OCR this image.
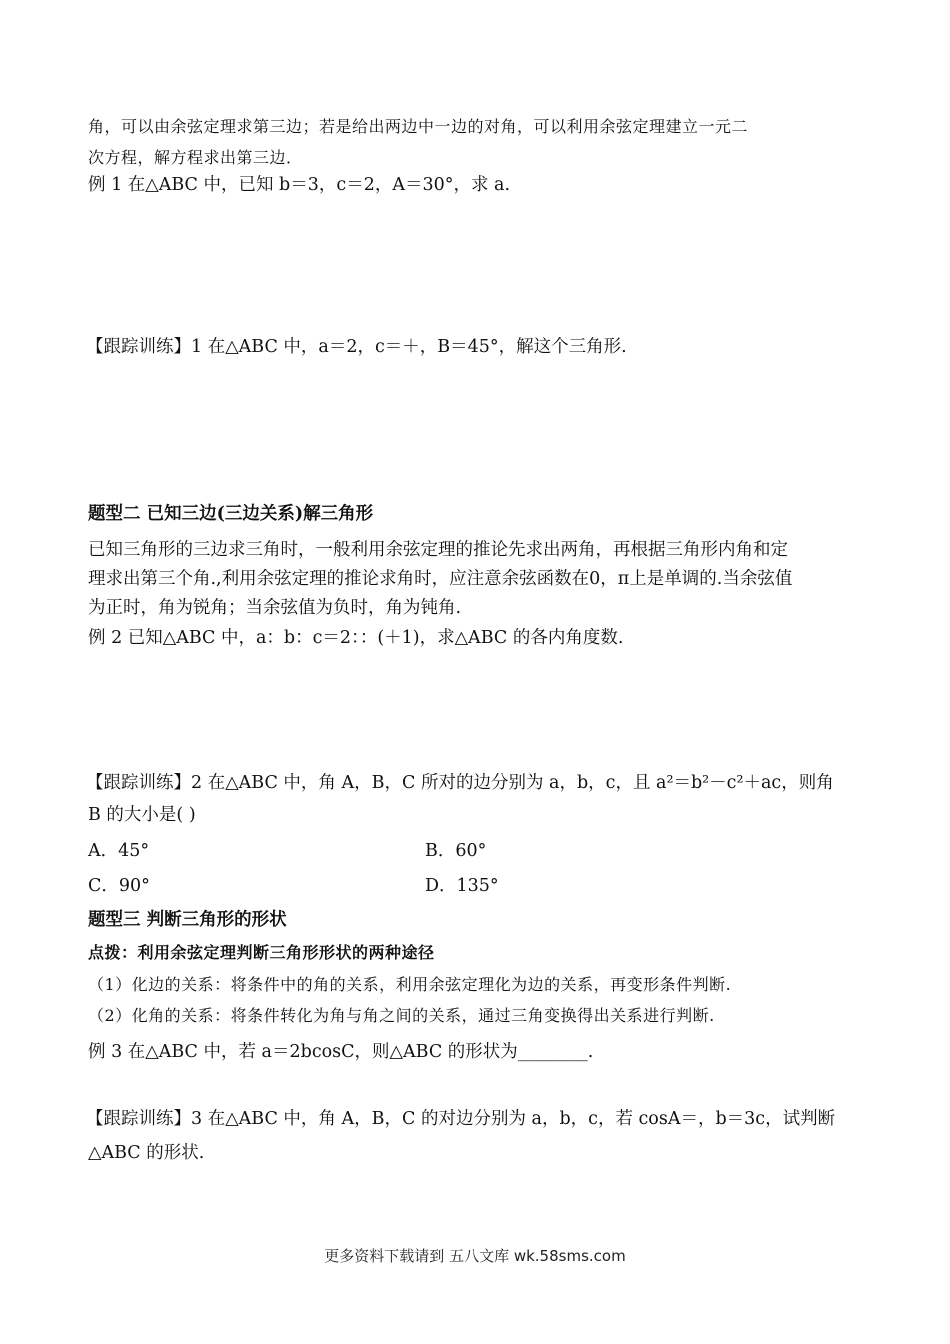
角，可以由余弦定理求第三边；若是给出两边中一边的对角，可以利用余弦定理建立一元二
次方程，解方程求出第三边．
例 1 在△ABC 中，已知 b＝3，c＝2，A＝30°，求 a.
【跟踪训练】1 在△ABC 中，a＝2，c＝＋，B＝45°，解这个三角形.
题型二 已知三边(三边关系)解三角形
已知三角形的三边求三角时，一般利用余弦定理的推论先求出两角，再根据三角形内角和定
理求出第三个角.,利用余弦定理的推论求角时，应注意余弦函数在0，π上是单调的.当余弦值
为正时，角为锐角；当余弦值为负时，角为钝角.
例 2 已知△ABC 中，a：b：c＝2：：(＋1)，求△ABC 的各内角度数.
【跟踪训练】2 在△ABC 中，角 A，B，C 所对的边分别为 a，b，c，且 a²＝b²－c²＋ac，则角
B 的大小是( )
A．45°	B．60°
C．90°	D．135°
题型三 判断三角形的形状
点拨：利用余弦定理判断三角形形状的两种途径
（1）化边的关系：将条件中的角的关系，利用余弦定理化为边的关系，再变形条件判断.
（2）化角的关系：将条件转化为角与角之间的关系，通过三角变换得出关系进行判断.
例 3 在△ABC 中，若 a＝2bcosC，则△ABC 的形状为________.
【跟踪训练】3 在△ABC 中，角 A，B，C 的对边分别为 a，b，c，若 cosA＝，b＝3c，试判断
△ABC 的形状.
更多资料下载请到 五八文库 wk.58sms.com
